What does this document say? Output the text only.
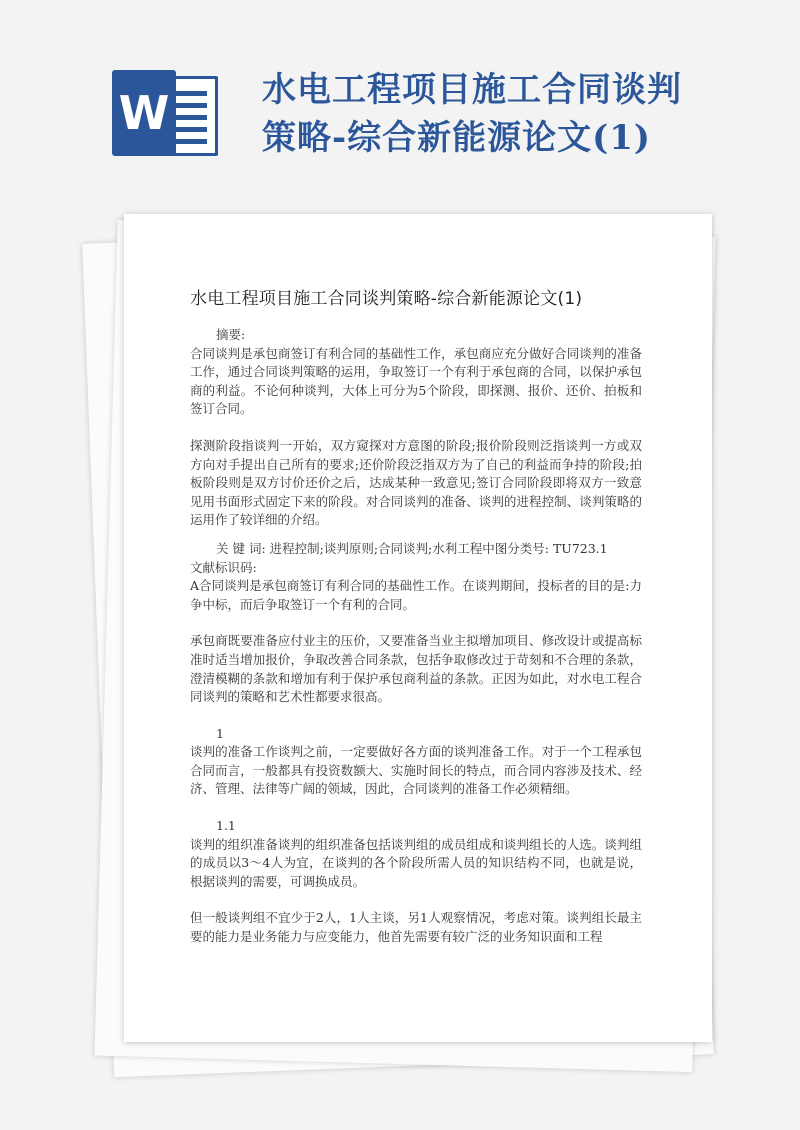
W	水电工程项目施工合同谈判策略-综合新能源论文(1)
水电工程项目施工合同谈判策略-综合新能源论文(1)

摘要:

合同谈判是承包商签订有利合同的基础性工作，承包商应充分做好合同谈判的准备工作，通过合同谈判策略的运用，争取签订一个有利于承包商的合同，以保护承包商的利益。不论何种谈判，大体上可分为5个阶段，即探测、报价、还价、拍板和签订合同。

探测阶段指谈判一开始，双方窥探对方意图的阶段;报价阶段则泛指谈判一方或双方向对手提出自己所有的要求;还价阶段泛指双方为了自己的利益而争持的阶段;拍板阶段则是双方讨价还价之后，达成某种一致意见;签订合同阶段即将双方一致意见用书面形式固定下来的阶段。对合同谈判的准备、谈判的进程控制、谈判策略的运用作了较详细的介绍。

关 键 词: 进程控制;谈判原则;合同谈判;水利工程中图分类号: TU723.1

文献标识码:

A合同谈判是承包商签订有利合同的基础性工作。在谈判期间，投标者的目的是:力争中标，而后争取签订一个有利的合同。

承包商既要准备应付业主的压价，又要准备当业主拟增加项目、修改设计或提高标准时适当增加报价，争取改善合同条款，包括争取修改过于苛刻和不合理的条款，澄清模糊的条款和增加有利于保护承包商利益的条款。正因为如此，对水电工程合同谈判的策略和艺术性都要求很高。

1

谈判的准备工作谈判之前，一定要做好各方面的谈判准备工作。对于一个工程承包合同而言，一般都具有投资数额大、实施时间长的特点，而合同内容涉及技术、经济、管理、法律等广阔的领域，因此，合同谈判的准备工作必须精细。

1.1

谈判的组织准备谈判的组织准备包括谈判组的成员组成和谈判组长的人选。谈判组的成员以3～4人为宜，在谈判的各个阶段所需人员的知识结构不同，也就是说，根据谈判的需要，可调换成员。

但一般谈判组不宜少于2人，1人主谈，另1人观察情况，考虑对策。谈判组长最主要的能力是业务能力与应变能力，他首先需要有较广泛的业务知识面和工程
